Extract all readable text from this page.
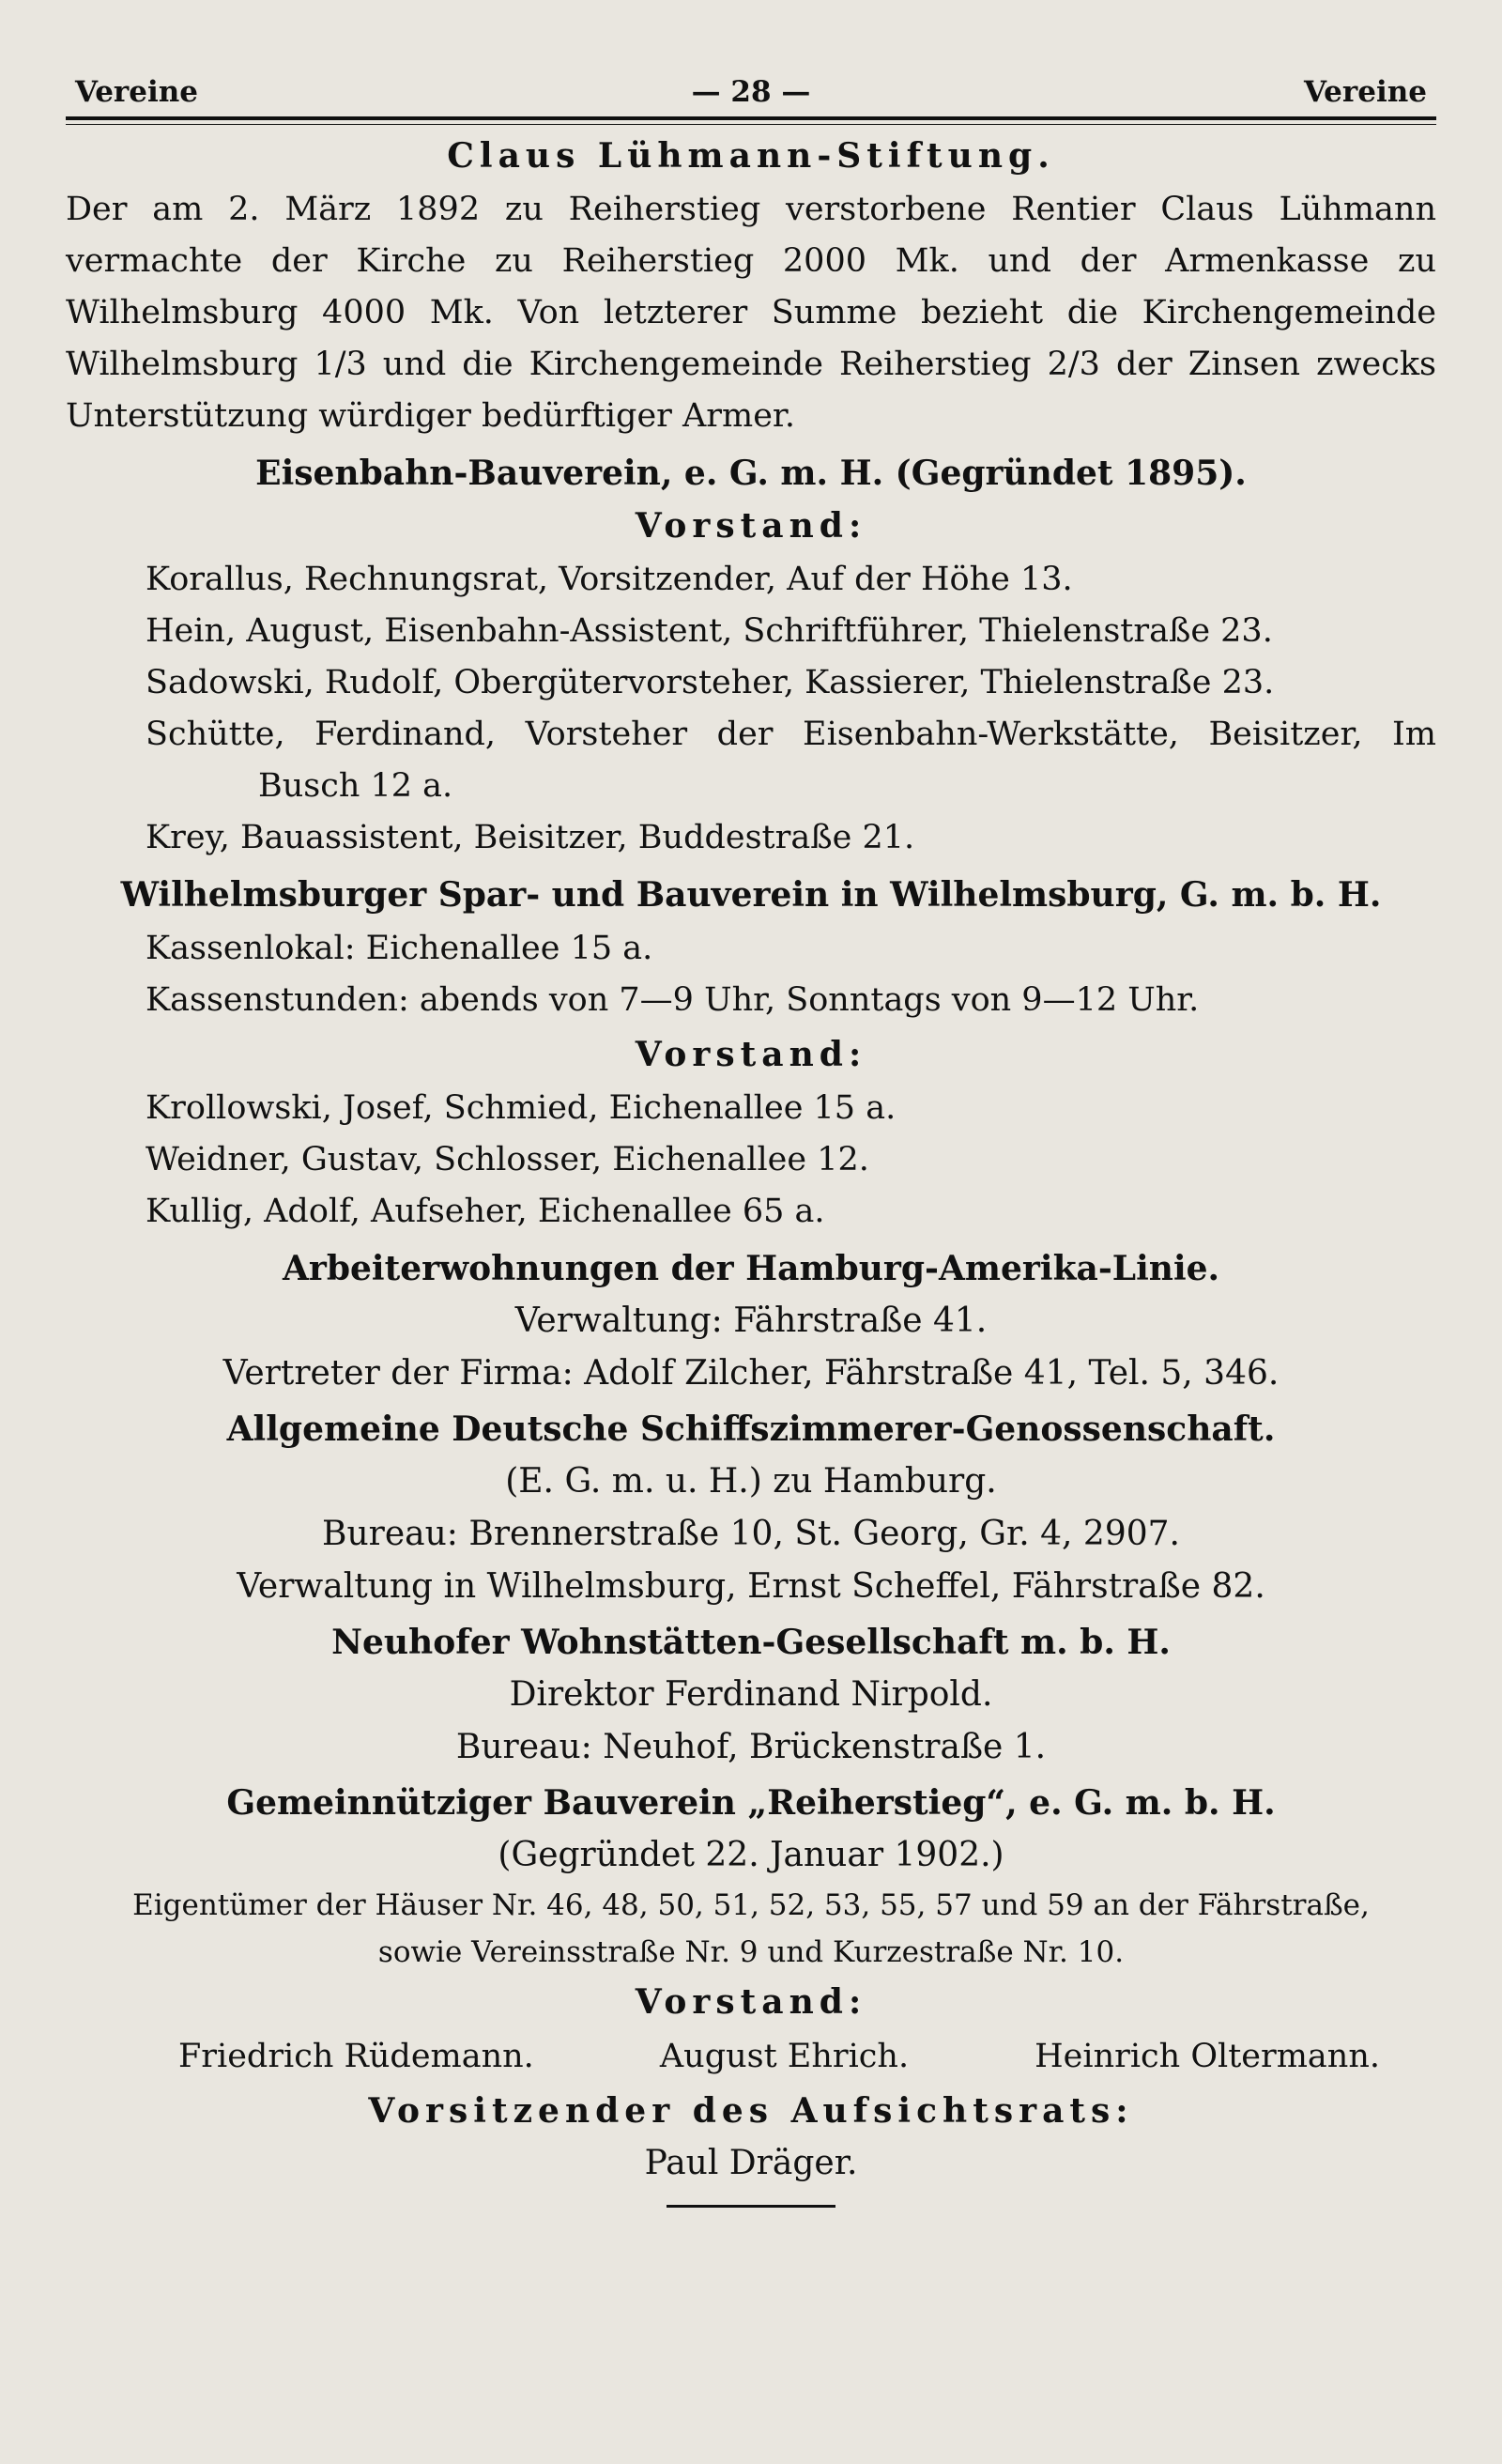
Vereine	— 28 —	Vereine
Claus Lühmann-Stiftung.

Der am 2. März 1892 zu Reiherstieg verstorbene Rentier Claus Lühmann vermachte der Kirche zu Reiherstieg 2000 Mk. und der Armenkasse zu Wilhelmsburg 4000 Mk. Von letzterer Summe bezieht die Kirchengemeinde Wilhelmsburg 1/3 und die Kirchengemeinde Reiherstieg 2/3 der Zinsen zwecks Unterstützung würdiger bedürftiger Armer.

Eisenbahn-Bauverein, e. G. m. H. (Gegründet 1895).
Vorstand:
Korallus, Rechnungsrat, Vorsitzender, Auf der Höhe 13.
Hein, August, Eisenbahn-Assistent, Schriftführer, Thielenstraße 23.
Sadowski, Rudolf, Obergütervorsteher, Kassierer, Thielenstraße 23.
Schütte, Ferdinand, Vorsteher der Eisenbahn-Werkstätte, Beisitzer, Im
Busch 12 a.
Krey, Bauassistent, Beisitzer, Buddestraße 21.
Wilhelmsburger Spar- und Bauverein in Wilhelmsburg, G. m. b. H.
Kassenlokal: Eichenallee 15 a.
Kassenstunden: abends von 7—9 Uhr, Sonntags von 9—12 Uhr.
Vorstand:
Krollowski, Josef, Schmied, Eichenallee 15 a.
Weidner, Gustav, Schlosser, Eichenallee 12.
Kullig, Adolf, Aufseher, Eichenallee 65 a.
Arbeiterwohnungen der Hamburg-Amerika-Linie.
Verwaltung: Fährstraße 41.
Vertreter der Firma: Adolf Zilcher, Fährstraße 41, Tel. 5, 346.
Allgemeine Deutsche Schiffszimmerer-Genossenschaft.
(E. G. m. u. H.) zu Hamburg.
Bureau: Brennerstraße 10, St. Georg, Gr. 4, 2907.
Verwaltung in Wilhelmsburg, Ernst Scheffel, Fährstraße 82.
Neuhofer Wohnstätten-Gesellschaft m. b. H.
Direktor Ferdinand Nirpold.
Bureau: Neuhof, Brückenstraße 1.
Gemeinnütziger Bauverein „Reiherstieg“, e. G. m. b. H.
(Gegründet 22. Januar 1902.)
Eigentümer der Häuser Nr. 46, 48, 50, 51, 52, 53, 55, 57 und 59 an der Fährstraße,
sowie Vereinsstraße Nr. 9 und Kurzestraße Nr. 10.
Vorstand:
Friedrich Rüdemann.	August Ehrich.	Heinrich Oltermann.
Vorsitzender des Aufsichtsrats:
Paul Dräger.
